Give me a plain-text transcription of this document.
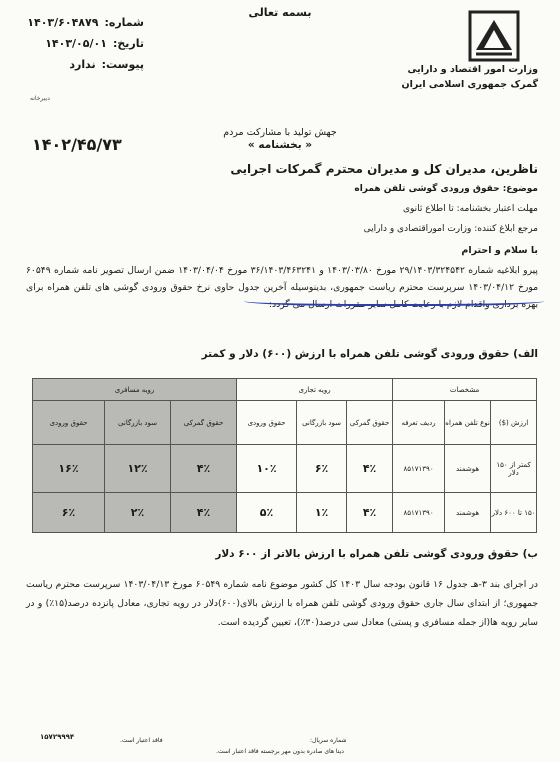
وزارت امور اقتصاد و دارایی
گمرک جمهوری اسلامی ایران
بسمه تعالی
شماره:
۱۴۰۳/۶۰۴۸۷۹
تاریخ:
۱۴۰۳/۰۵/۰۱
پیوست:
ندارد
دبیرخانه
جهش تولید با مشارکت مردم
۱۴۰۲/۴۵/۷۳	« بخشنامه »
ناظرین، مدیران کل و مدیران محترم گمرکات اجرایی
موضوع: حقوق ورودی گوشی تلفن همراه
مهلت اعتبار بخشنامه: تا اطلاع ثانوی
مرجع ابلاغ کننده: وزارت اموراقتصادی و دارایی
با سلام و احترام
پیرو ابلاغیه شماره ۲۹/۱۴۰۳/۳۲۴۵۴۲ مورخ ۱۴۰۳/۰۳/۸۰ و ۳۶/۱۴۰۳/۴۶۳۲۴۱ مورخ ۱۴۰۳/۰۴/۰۴ ضمن ارسال تصویر نامه شماره ۶۰۵۴۹ مورخ ۱۴۰۳/۰۴/۱۲ سرپرست محترم ریاست جمهوری، بدینوسیله آخرین جدول حاوی نرخ حقوق ورودی گوشی های تلفن همراه برای بهره برداری واقدام لازم با رعایت کامل سایر مقررات ارسال می گردد:
الف) حقوق ورودی گوشی تلفن همراه با ارزش (۶۰۰) دلار و کمتر
مشخصات			رویه تجاری			رویه مسافری		
ارزش ($)	نوع تلفن همراه	ردیف تعرفه	حقوق گمرکی	سود بازرگانی	حقوق ورودی	حقوق گمرکی	سود بازرگانی	حقوق ورودی
کمتر از ۱۵۰ دلار	هوشمند	۸۵۱۷۱۳۹۰	۴٪	۶٪	۱۰٪	۴٪	۱۲٪	۱۶٪
۱۵۰ تا ۶۰۰ دلار	هوشمند	۸۵۱۷۱۳۹۰	۴٪	۱٪	۵٪	۴٪	۲٪	۶٪
ب) حقوق ورودی گوشی تلفن همراه با ارزش بالاتر از ۶۰۰ دلار
در اجرای بند ۳-هـ جدول ۱۶ قانون بودجه سال ۱۴۰۳ کل کشور موضوع نامه شماره ۶۰۵۴۹ مورخ ۱۴۰۳/۰۴/۱۳ سرپرست محترم ریاست جمهوری؛ از ابتدای سال جاری حقوق ورودی گوشی تلفن همراه با ارزش بالای(۶۰۰)دلار در رویه تجاری، معادل پانزده درصد(۱۵٪) و در سایر رویه ها(از جمله مسافری و پستی) معادل سی درصد(۳۰٪)، تعیین گردیده است.
۱۵۷۲۹۹۹۴	شماره سریال:
فاقد اعتبار است.
دیتا های صادره بدون مهر برجسته فاقد اعتبار است.
